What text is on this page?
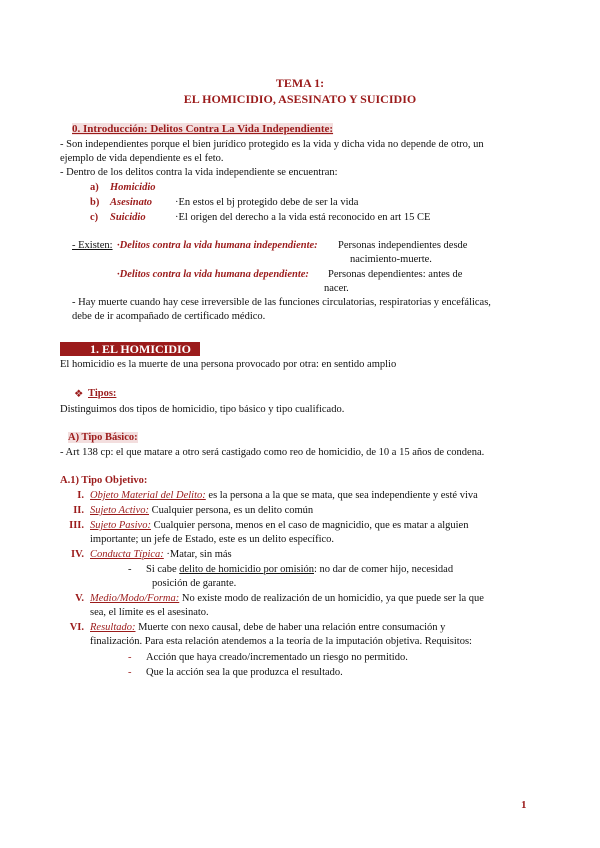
TEMA 1:
EL HOMICIDIO, ASESINATO Y SUICIDIO
0. Introducción: Delitos Contra La Vida Independiente:
- Son independientes porque el bien jurídico protegido es la vida y dicha vida no depende de otro, un
ejemplo de vida dependiente es el feto.
- Dentro de los delitos contra la vida independiente se encuentran:
a) Homicidio
b) Asesinato ·En estos el bj protegido debe de ser la vida
c) Suicidio	·El origen del derecho a la vida está reconocido en art 15 CE
- Existen: ·Delitos contra la vida humana independiente: Personas independientes desde
nacimiento-muerte.
·Delitos contra la vida humana dependiente: Personas dependientes: antes de
nacer.
- Hay muerte cuando hay cese irreversible de las funciones circulatorias, respiratorias y encefálicas,
debe de ir acompañado de certificado médico.
1. EL HOMICIDIO
El homicidio es la muerte de una persona provocado por otra: en sentido amplio
❖ Tipos:
Distinguimos dos tipos de homicidio, tipo básico y tipo cualificado.
A) Tipo Básico:
- Art 138 cp: el que matare a otro será castigado como reo de homicidio, de 10 a 15 años de condena.
A.1) Tipo Objetivo:
I. Objeto Material del Delito: es la persona a la que se mata, que sea independiente y esté viva
II. Sujeto Activo: Cualquier persona, es un delito común
III. Sujeto Pasivo: Cualquier persona, menos en el caso de magnicidio, que es matar a alguien
importante; un jefe de Estado, este es un delito específico.
IV. Conducta Típica: ·Matar, sin más
- Si cabe delito de homicidio por omisión: no dar de comer hijo, necesidad
posición de garante.
V. Medio/Modo/Forma: No existe modo de realización de un homicidio, ya que puede ser la que
sea, el límite es el asesinato.
VI. Resultado: Muerte con nexo causal, debe de haber una relación entre consumación y
finalización. Para esta relación atendemos a la teoría de la imputación objetiva. Requisitos:
- Acción que haya creado/incrementado un riesgo no permitido.
- Que la acción sea la que produzca el resultado.
1
